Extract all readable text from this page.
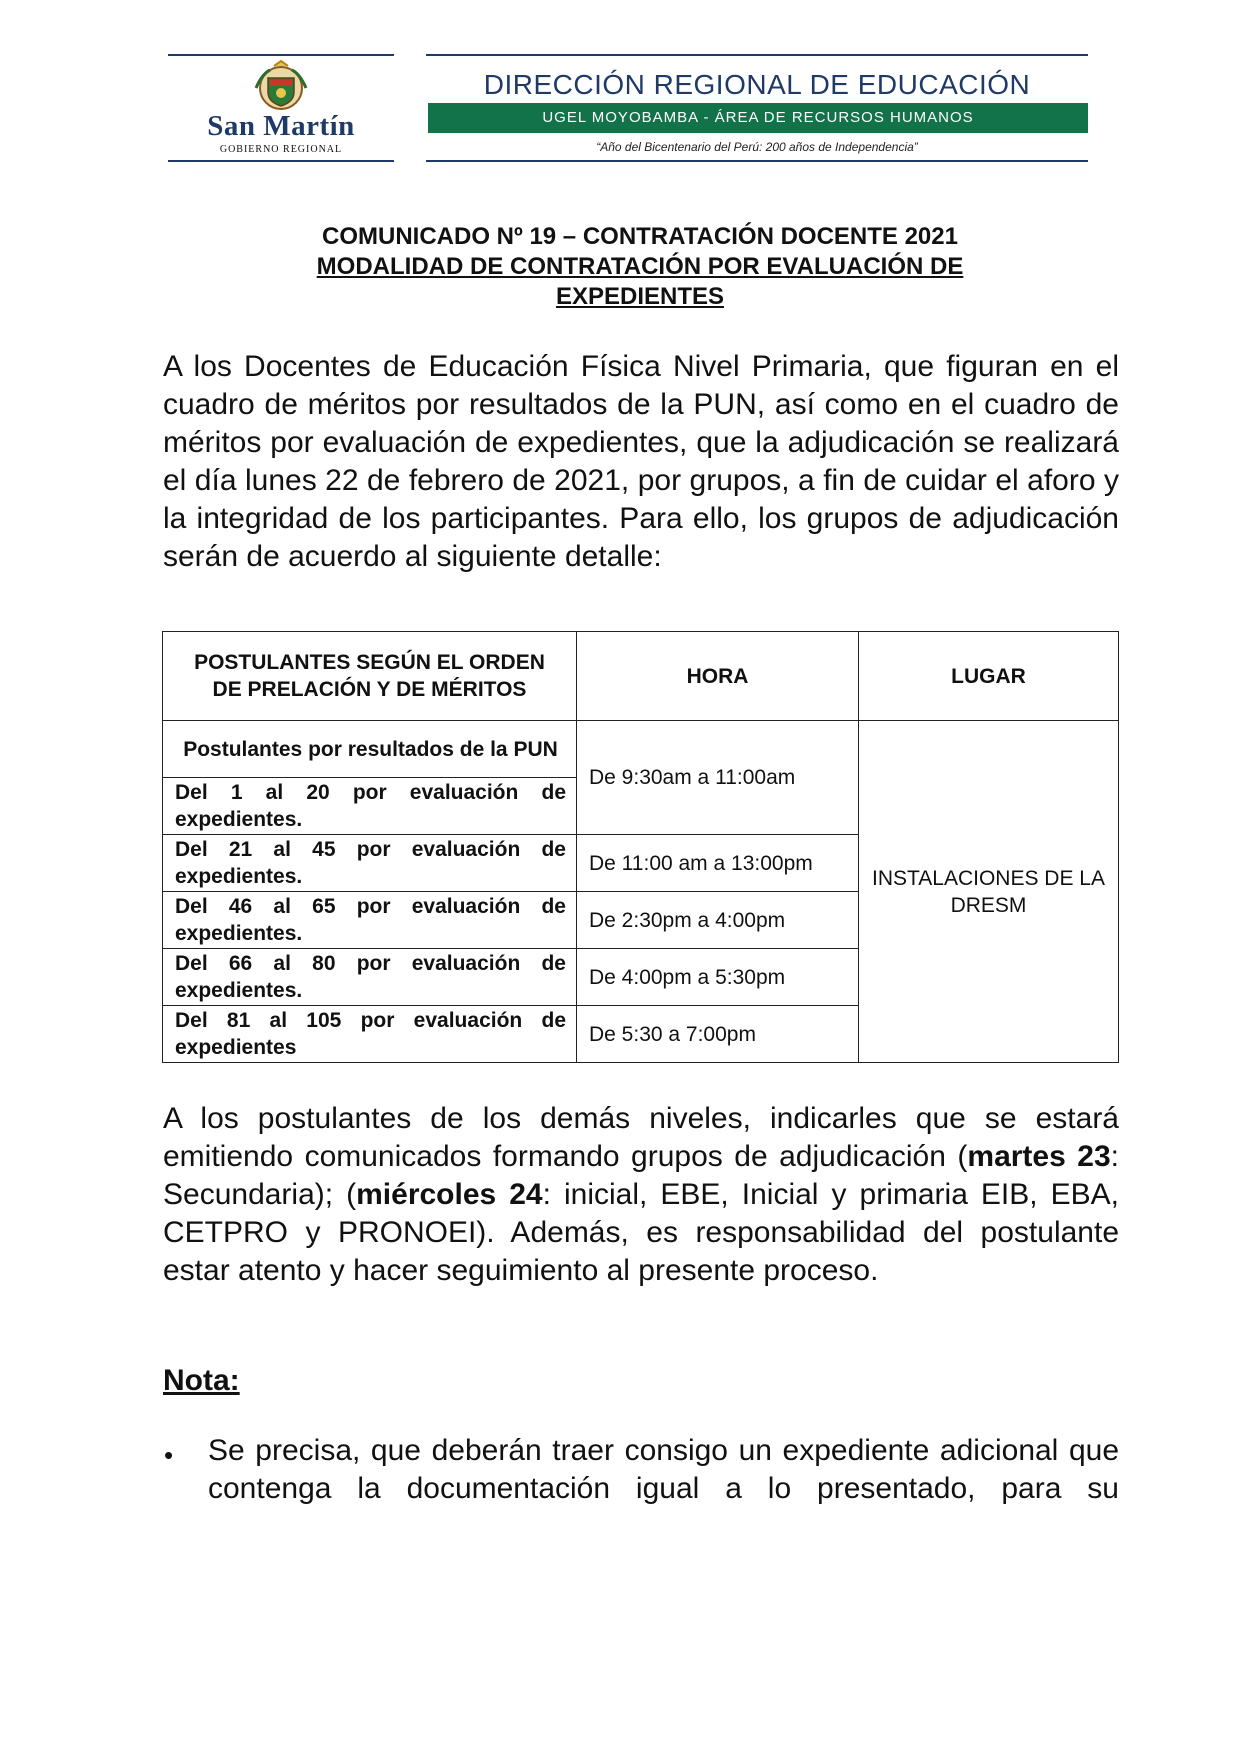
San Martín
GOBIERNO REGIONAL
DIRECCIÓN REGIONAL DE EDUCACIÓN
UGEL MOYOBAMBA - ÁREA DE RECURSOS HUMANOS
“Año del Bicentenario del Perú: 200 años de Independencia”
COMUNICADO Nº 19 – CONTRATACIÓN DOCENTE 2021
MODALIDAD DE CONTRATACIÓN POR EVALUACIÓN DE
EXPEDIENTES
A los Docentes de Educación Física Nivel Primaria, que figuran en el cuadro de méritos por resultados de la PUN, así como en el cuadro de méritos por evaluación de expedientes, que la adjudicación se realizará el día lunes 22 de febrero de 2021, por grupos, a fin de cuidar el aforo y la integridad de los participantes. Para ello, los grupos de adjudicación serán de acuerdo al siguiente detalle:
POSTULANTES SEGÚN EL ORDEN DE PRELACIÓN Y DE MÉRITOS	HORA	LUGAR
Postulantes por resultados de la PUN	De 9:30am a 11:00am	INSTALACIONES DE LA DRESM
Del 1 al 20 por evaluación de expedientes.		
Del 21 al 45 por evaluación de expedientes.	De 11:00 am a 13:00pm	
Del 46 al 65 por evaluación de expedientes.	De 2:30pm a 4:00pm	
Del 66 al 80 por evaluación de expedientes.	De 4:00pm a 5:30pm	
Del 81 al 105 por evaluación de expedientes	De 5:30 a 7:00pm	
A los postulantes de los demás niveles, indicarles que se estará emitiendo comunicados formando grupos de adjudicación (martes 23: Secundaria); (miércoles 24: inicial, EBE, Inicial y primaria EIB, EBA, CETPRO y PRONOEI). Además, es responsabilidad del postulante estar atento y hacer seguimiento al presente proceso.
Nota:
• Se precisa, que deberán traer consigo un expediente adicional que contenga la documentación igual a lo presentado, para su
